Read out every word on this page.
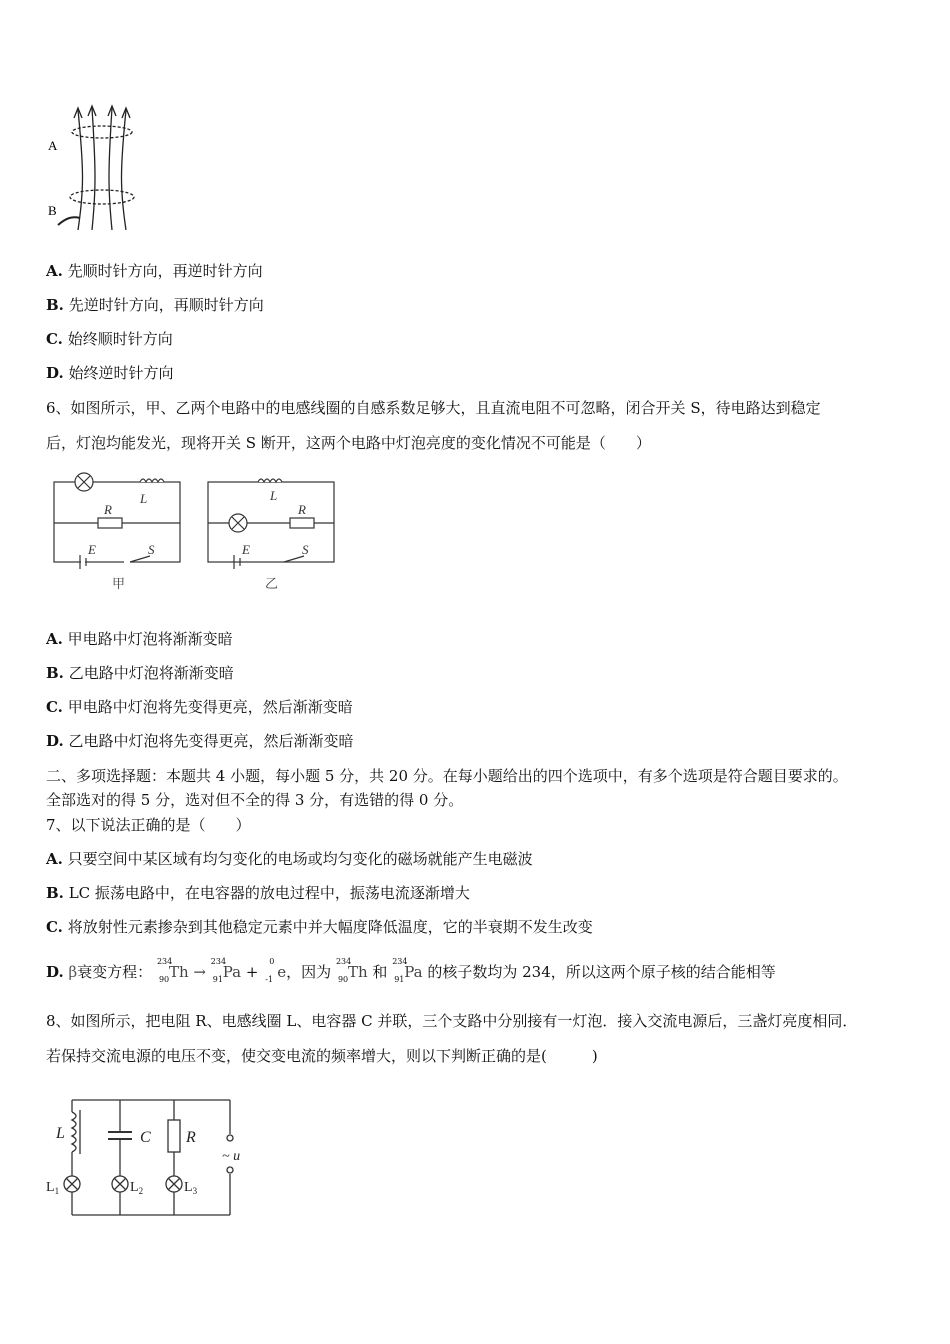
A
B
A. 先顺时针方向，再逆时针方向
B. 先逆时针方向，再顺时针方向
C. 始终顺时针方向
D. 始终逆时针方向
6、如图所示，甲、乙两个电路中的电感线圈的自感系数足够大，且直流电阻不可忽略，闭合开关 S，待电路达到稳定
后，灯泡均能发光，现将开关 S 断开，这两个电路中灯泡亮度的变化情况不可能是（　　）
L
R
E	S
L
R
E	S
甲	乙
A. 甲电路中灯泡将渐渐变暗
B. 乙电路中灯泡将渐渐变暗
C. 甲电路中灯泡将先变得更亮，然后渐渐变暗
D. 乙电路中灯泡将先变得更亮，然后渐渐变暗
二、多项选择题：本题共 4 小题，每小题 5 分，共 20 分。在每小题给出的四个选项中，有多个选项是符合题目要求的。
全部选对的得 5 分，选对但不全的得 3 分，有选错的得 0 分。
7、以下说法正确的是（　　）
A. 只要空间中某区域有均匀变化的电场或均匀变化的磁场就能产生电磁波
B. LC 振荡电路中，在电容器的放电过程中，振荡电流逐渐增大
C. 将放射性元素掺杂到其他稳定元素中并大幅度降低温度，它的半衰期不发生改变
D. β衰变方程：
234
90 Th →
234
91 Pa +
0
-1 e，因为
234
90 Th 和
234
91 Pa 的核子数均为 234，所以这两个原子核的结合能相等
8、如图所示，把电阻 R、电感线圈 L、电容器 C 并联，三个支路中分别接有一灯泡．接入交流电源后，三盏灯亮度相同．
若保持交流电源的电压不变，使交变电流的频率增大，则以下判断正确的是(　　　)
L	C R
~ u
$L_1$	$L_2$	$L_3$
